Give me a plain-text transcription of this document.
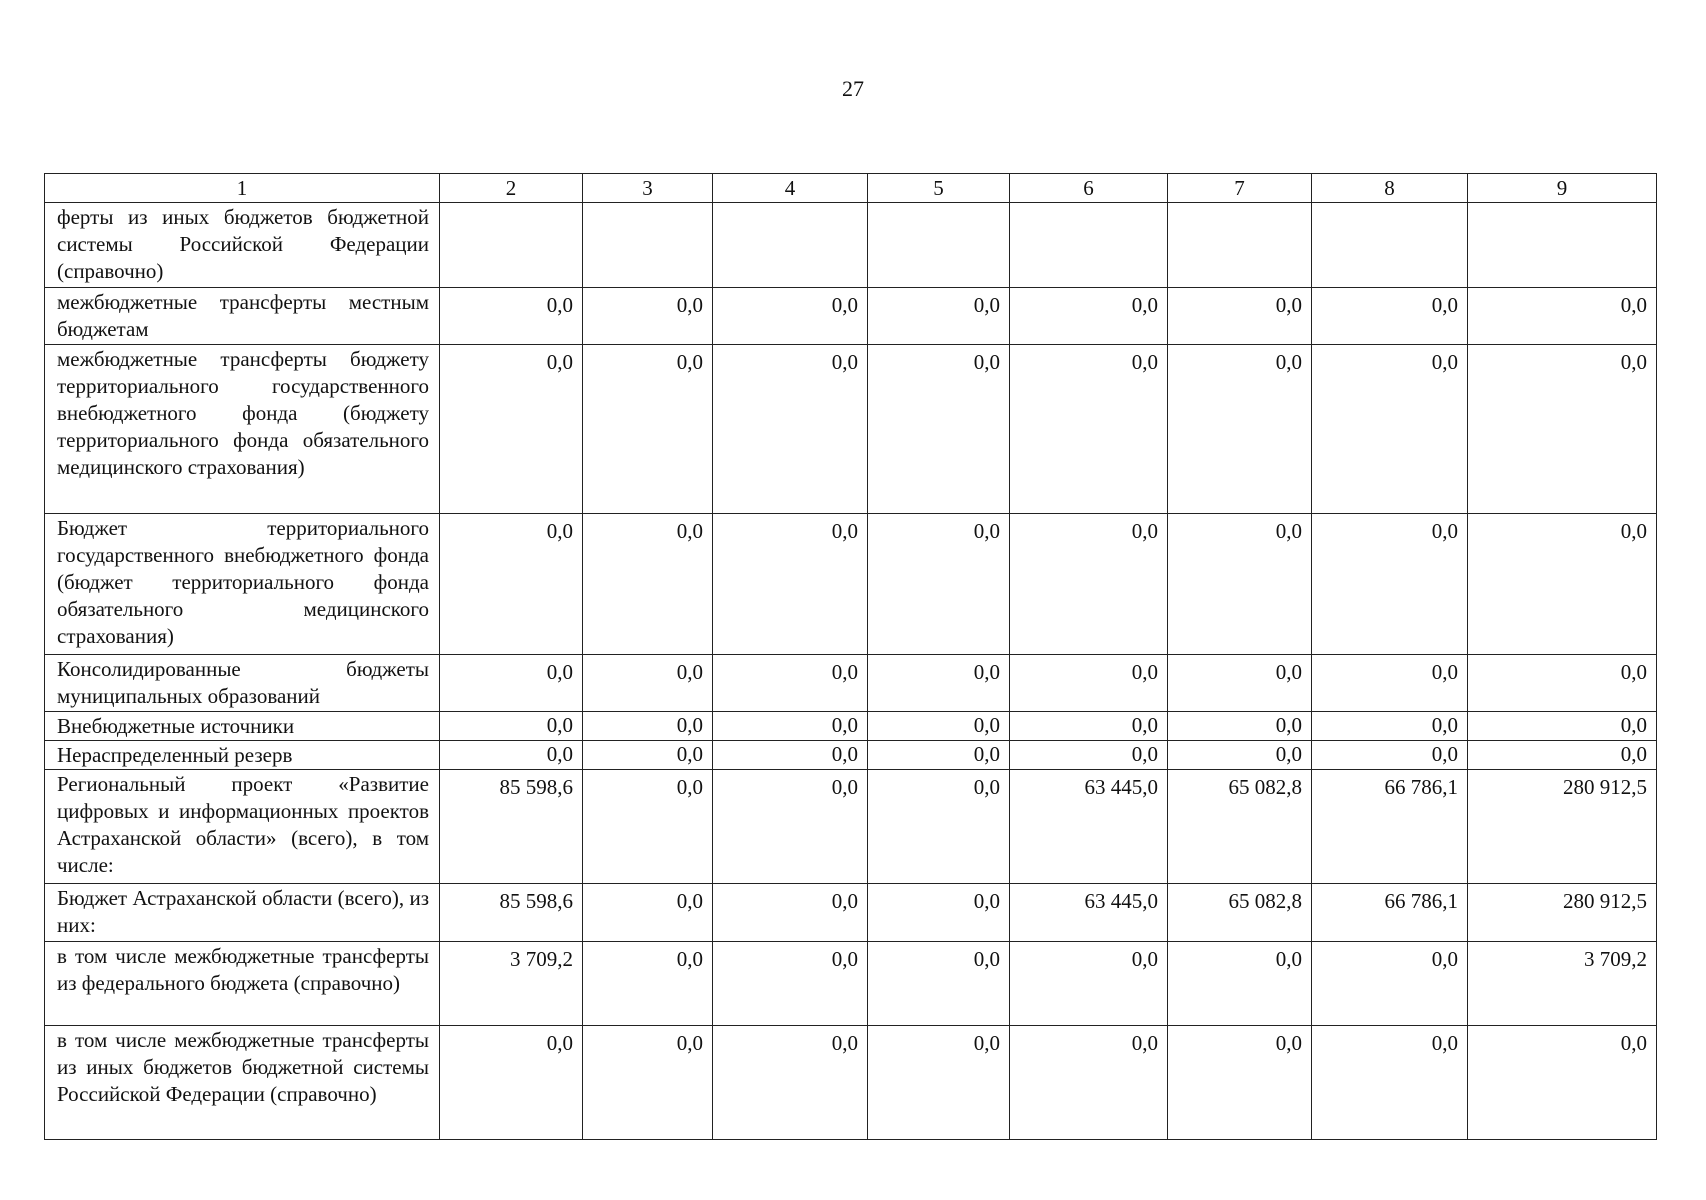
27
1	2	3	4	5	6	7	8	9
ферты из иных бюджетов бюджетной системы Российской Федерации (справочно)								
межбюджетные трансферты местным бюджетам	0,0	0,0	0,0	0,0	0,0	0,0	0,0	0,0
межбюджетные трансферты бюджету территориального государственного внебюджетного фонда (бюджету территориального фонда обязательного медицинского страхования)	0,0	0,0	0,0	0,0	0,0	0,0	0,0	0,0
Бюджет территориального государственного внебюджетного фонда (бюджет территориального фонда обязательного медицинского страхования)	0,0	0,0	0,0	0,0	0,0	0,0	0,0	0,0
Консолидированные бюджеты муниципальных образований	0,0	0,0	0,0	0,0	0,0	0,0	0,0	0,0
Внебюджетные источники	0,0	0,0	0,0	0,0	0,0	0,0	0,0	0,0
Нераспределенный резерв	0,0	0,0	0,0	0,0	0,0	0,0	0,0	0,0
Региональный проект «Развитие цифровых и информационных проектов Астраханской области» (всего), в том числе:	85 598,6	0,0	0,0	0,0	63 445,0	65 082,8	66 786,1	280 912,5
Бюджет Астраханской области (всего), из них:	85 598,6	0,0	0,0	0,0	63 445,0	65 082,8	66 786,1	280 912,5
в том числе межбюджетные трансферты из федерального бюджета (справочно)	3 709,2	0,0	0,0	0,0	0,0	0,0	0,0	3 709,2
в том числе межбюджетные трансферты из иных бюджетов бюджетной системы Российской Федерации (справочно)	0,0	0,0	0,0	0,0	0,0	0,0	0,0	0,0
